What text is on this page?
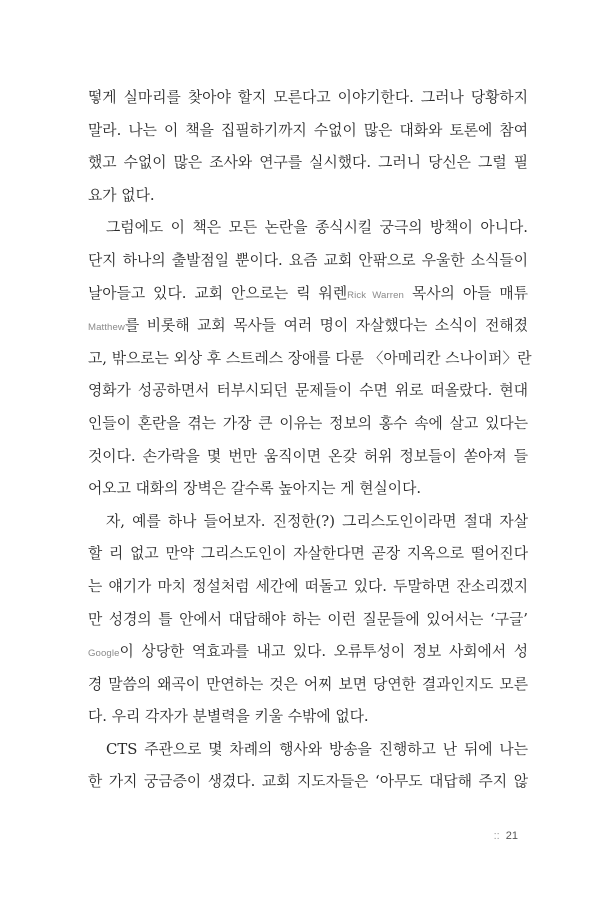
떻게 실마리를 찾아야 할지 모른다고 이야기한다. 그러나 당황하지
말라. 나는 이 책을 집필하기까지 수없이 많은 대화와 토론에 참여
했고 수없이 많은 조사와 연구를 실시했다. 그러니 당신은 그럴 필
요가 없다.
그럼에도 이 책은 모든 논란을 종식시킬 궁극의 방책이 아니다.
단지 하나의 출발점일 뿐이다. 요즘 교회 안팎으로 우울한 소식들이
날아들고 있다. 교회 안으로는 릭 워렌Rick Warren 목사의 아들 매튜
Matthew를 비롯해 교회 목사들 여러 명이 자살했다는 소식이 전해졌
고, 밖으로는 외상 후 스트레스 장애를 다룬 〈아메리칸 스나이퍼〉란
영화가 성공하면서 터부시되던 문제들이 수면 위로 떠올랐다. 현대
인들이 혼란을 겪는 가장 큰 이유는 정보의 홍수 속에 살고 있다는
것이다. 손가락을 몇 번만 움직이면 온갖 허위 정보들이 쏟아져 들
어오고 대화의 장벽은 갈수록 높아지는 게 현실이다.
자, 예를 하나 들어보자. 진정한(?) 그리스도인이라면 절대 자살
할 리 없고 만약 그리스도인이 자살한다면 곧장 지옥으로 떨어진다
는 얘기가 마치 정설처럼 세간에 떠돌고 있다. 두말하면 잔소리겠지
만 성경의 틀 안에서 대답해야 하는 이런 질문들에 있어서는 ‘구글’
Google이 상당한 역효과를 내고 있다. 오류투성이 정보 사회에서 성
경 말씀의 왜곡이 만연하는 것은 어찌 보면 당연한 결과인지도 모른
다. 우리 각자가 분별력을 키울 수밖에 없다.
CTS 주관으로 몇 차례의 행사와 방송을 진행하고 난 뒤에 나는
한 가지 궁금증이 생겼다. 교회 지도자들은 ‘아무도 대답해 주지 않
:: 21
